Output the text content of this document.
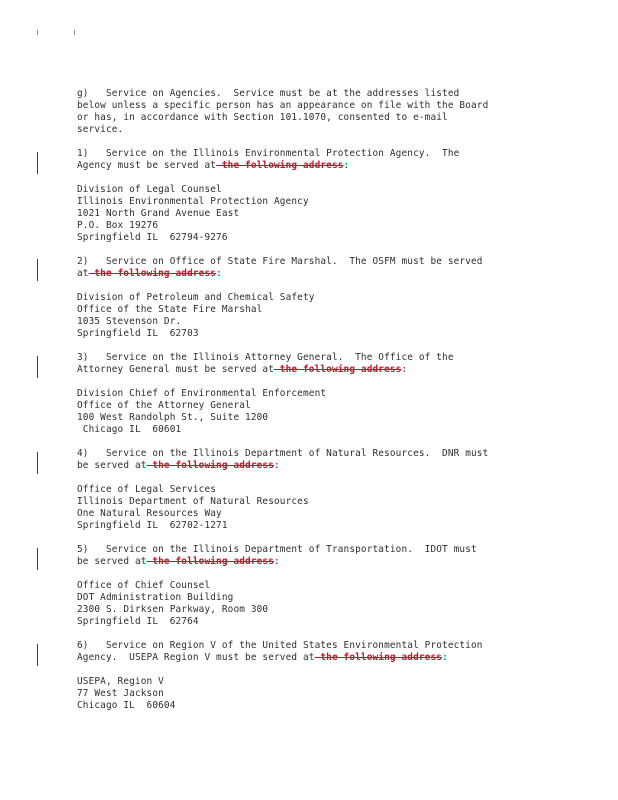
g)   Service on Agencies.  Service must be at the addresses listed
below unless a specific person has an appearance on file with the Board
or has, in accordance with Section 101.1070, consented to e-mail
service.
1)   Service on the Illinois Environmental Protection Agency.  The
Agency must be served at the following address:
Division of Legal Counsel
Illinois Environmental Protection Agency
1021 North Grand Avenue East
P.O. Box 19276
Springfield IL  62794-9276
2)   Service on Office of State Fire Marshal.  The OSFM must be served
at the following address:
Division of Petroleum and Chemical Safety
Office of the State Fire Marshal
1035 Stevenson Dr.
Springfield IL  62703
3)   Service on the Illinois Attorney General.  The Office of the
Attorney General must be served at the following address:
Division Chief of Environmental Enforcement
Office of the Attorney General
100 West Randolph St., Suite 1200
Chicago IL  60601
4)   Service on the Illinois Department of Natural Resources.  DNR must
be served at the following address:
Office of Legal Services
Illinois Department of Natural Resources
One Natural Resources Way
Springfield IL  62702-1271
5)   Service on the Illinois Department of Transportation.  IDOT must
be served at the following address:
Office of Chief Counsel
DOT Administration Building
2300 S. Dirksen Parkway, Room 300
Springfield IL  62764
6)   Service on Region V of the United States Environmental Protection
Agency.  USEPA Region V must be served at the following address:
USEPA, Region V
77 West Jackson
Chicago IL  60604
